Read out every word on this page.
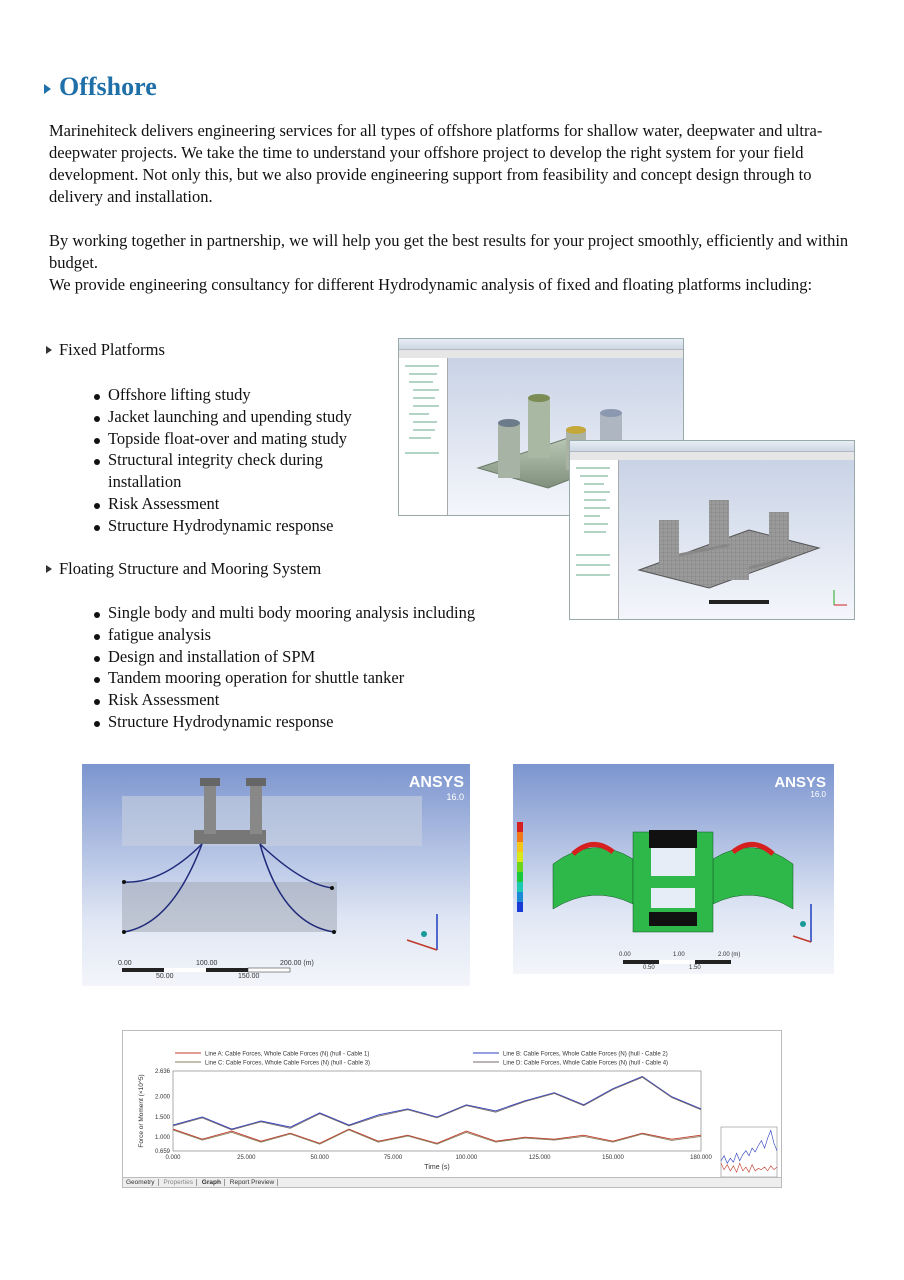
Offshore
Marinehiteck delivers engineering services for all types of offshore platforms for shallow water, deepwater and ultra-deepwater projects. We take the time to understand your offshore project to develop the right system for your field development. Not only this, but we also provide engineering support from feasibility and concept design through to delivery and installation.
By working together in partnership, we will help you get the best results for your project smoothly, efficiently and within budget.
We provide engineering consultancy for different Hydrodynamic analysis of fixed and floating platforms including:
Fixed Platforms
Offshore lifting study
Jacket launching and upending study
Topside float-over and mating study
Structural integrity check during installation
Risk Assessment
Structure Hydrodynamic response
Floating Structure and Mooring System
Single body and multi body mooring analysis including
fatigue analysis
Design and installation of SPM
Tandem mooring operation for shuttle tanker
Risk Assessment
Structure Hydrodynamic response
ANSYS
16.0
0.00	100.00	200.00 (m)
50.00	150.00
ANSYS
16.0
0.00	1.00	2.00 (m)
0.50	1.50
Line A: Cable Forces, Whole Cable Forces (N) (hull - Cable 1)	Line B: Cable Forces, Whole Cable Forces (N) (hull - Cable 2)
Line C: Cable Forces, Whole Cable Forces (N) (hull - Cable 3)	Line D: Cable Forces, Whole Cable Forces (N) (hull - Cable 4)
0.000	25.000	50.000	75.000	100.000	125.000	150.000	180.000
2.636
2.000
1.500
1.000
0.659
Time (s)
Force or Moment (×10^5)
Geometry Properties Graph Report Preview
